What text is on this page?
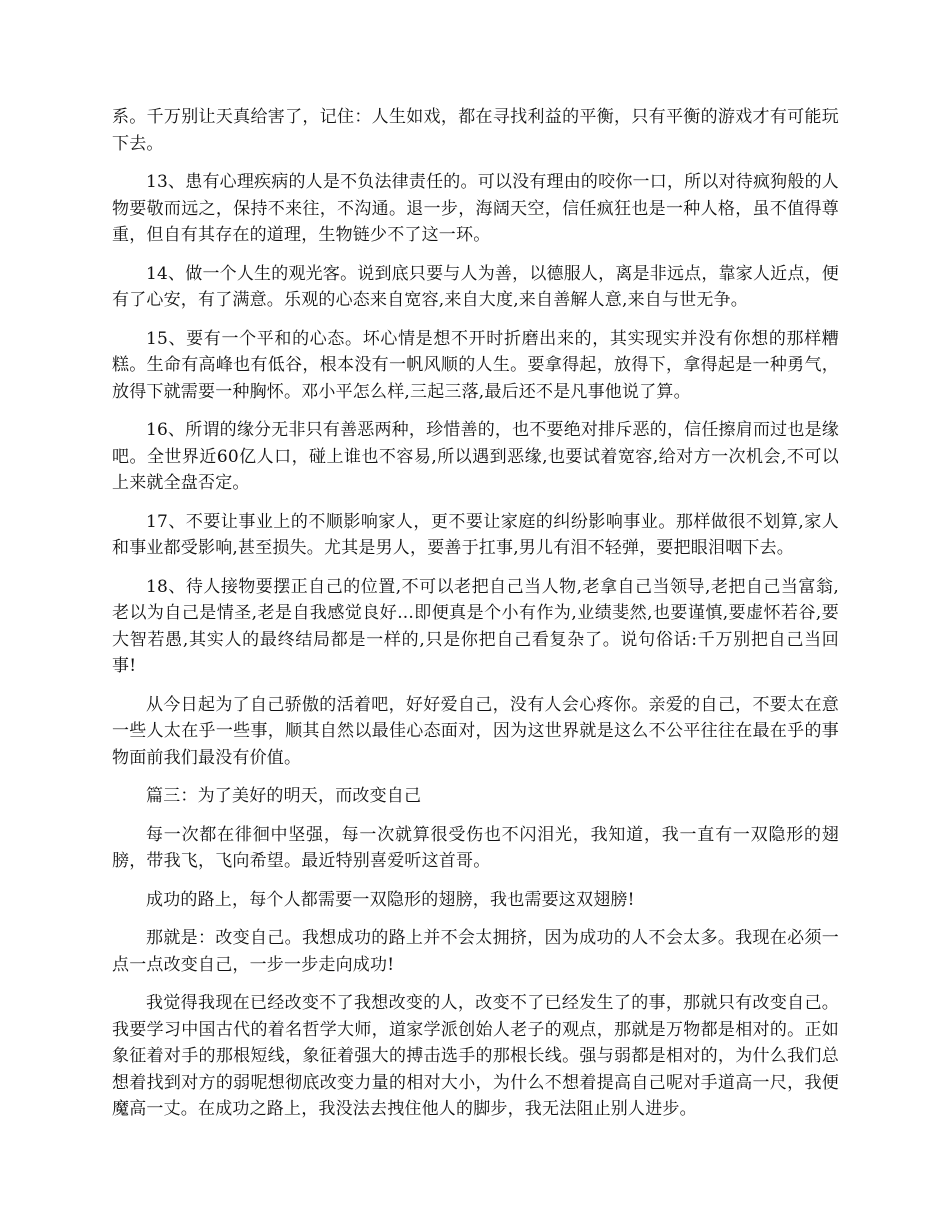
系。千万别让天真给害了，记住：人生如戏，都在寻找利益的平衡，只有平衡的游戏才有可能玩下去。

13、患有心理疾病的人是不负法律责任的。可以没有理由的咬你一口，所以对待疯狗般的人物要敬而远之，保持不来往，不沟通。退一步，海阔天空，信任疯狂也是一种人格，虽不值得尊重，但自有其存在的道理，生物链少不了这一环。

14、做一个人生的观光客。说到底只要与人为善，以德服人，离是非远点，靠家人近点，便有了心安，有了满意。乐观的心态来自宽容,来自大度,来自善解人意,来自与世无争。

15、要有一个平和的心态。坏心情是想不开时折磨出来的，其实现实并没有你想的那样糟糕。生命有高峰也有低谷，根本没有一帆风顺的人生。要拿得起，放得下，拿得起是一种勇气，放得下就需要一种胸怀。邓小平怎么样,三起三落,最后还不是凡事他说了算。

16、所谓的缘分无非只有善恶两种，珍惜善的，也不要绝对排斥恶的，信任擦肩而过也是缘吧。全世界近60亿人口，碰上谁也不容易,所以遇到恶缘,也要试着宽容,给对方一次机会,不可以上来就全盘否定。

17、不要让事业上的不顺影响家人，更不要让家庭的纠纷影响事业。那样做很不划算,家人和事业都受影响,甚至损失。尤其是男人，要善于扛事,男儿有泪不轻弹，要把眼泪咽下去。

18、待人接物要摆正自己的位置,不可以老把自己当人物,老拿自己当领导,老把自己当富翁,老以为自己是情圣,老是自我感觉良好...即便真是个小有作为,业绩斐然,也要谨慎,要虚怀若谷,要大智若愚,其实人的最终结局都是一样的,只是你把自己看复杂了。说句俗话:千万别把自己当回事!

从今日起为了自己骄傲的活着吧，好好爱自己，没有人会心疼你。亲爱的自己，不要太在意一些人太在乎一些事，顺其自然以最佳心态面对，因为这世界就是这么不公平往往在最在乎的事物面前我们最没有价值。

篇三：为了美好的明天，而改变自己

每一次都在徘徊中坚强，每一次就算很受伤也不闪泪光，我知道，我一直有一双隐形的翅膀，带我飞，飞向希望。最近特别喜爱听这首哥。

成功的路上，每个人都需要一双隐形的翅膀，我也需要这双翅膀!

那就是：改变自己。我想成功的路上并不会太拥挤，因为成功的人不会太多。我现在必须一点一点改变自己，一步一步走向成功!

我觉得我现在已经改变不了我想改变的人，改变不了已经发生了的事，那就只有改变自己。我要学习中国古代的着名哲学大师，道家学派创始人老子的观点，那就是万物都是相对的。正如象征着对手的那根短线，象征着强大的搏击选手的那根长线。强与弱都是相对的，为什么我们总想着找到对方的弱呢想彻底改变力量的相对大小，为什么不想着提高自己呢对手道高一尺，我便魔高一丈。在成功之路上，我没法去拽住他人的脚步，我无法阻止别人进步。
